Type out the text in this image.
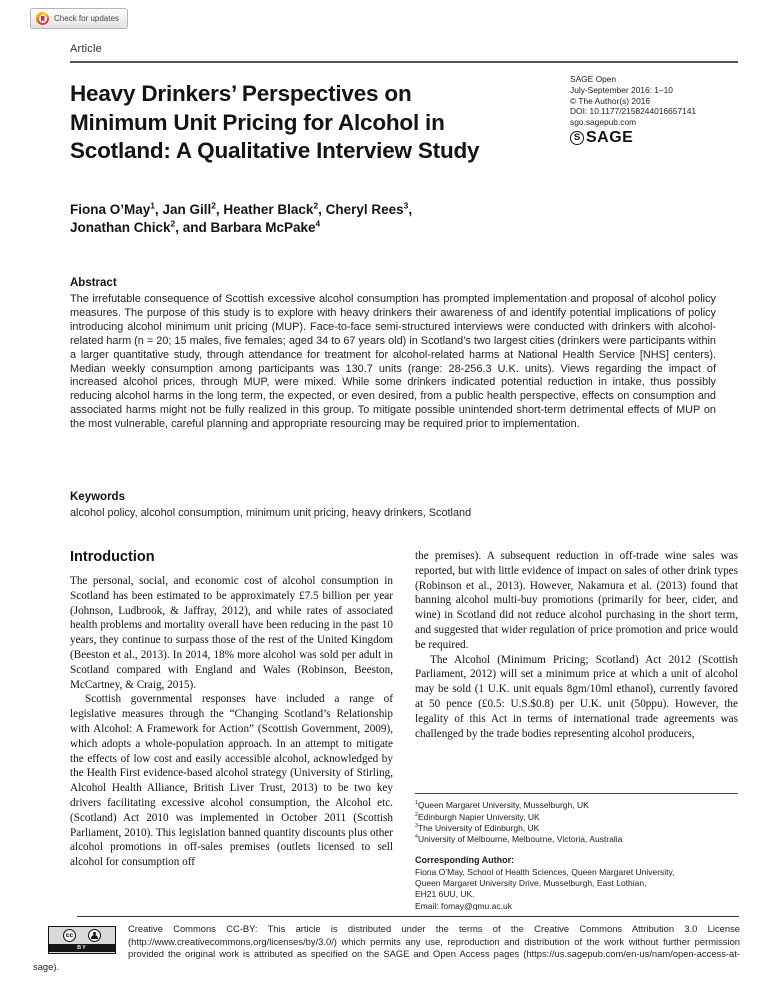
Check for updates
Article
Heavy Drinkers’ Perspectives on
Minimum Unit Pricing for Alcohol in
Scotland: A Qualitative Interview Study
SAGE Open
July-September 2016: 1–10
© The Author(s) 2016
DOI: 10.1177/2158244016657141
sgo.sagepub.com
S SAGE
Fiona O’May$^1$, Jan Gill$^2$, Heather Black$^2$, Cheryl Rees$^3$,
Jonathan Chick$^2$, and Barbara McPake$^4$
Abstract

The irrefutable consequence of Scottish excessive alcohol consumption has prompted implementation and proposal of alcohol policy measures. The purpose of this study is to explore with heavy drinkers their awareness of and identify potential implications of policy introducing alcohol minimum unit pricing (MUP). Face-to-face semi-structured interviews were conducted with drinkers with alcohol-related harm (n = 20; 15 males, five females; aged 34 to 67 years old) in Scotland’s two largest cities (drinkers were participants within a larger quantitative study, through attendance for treatment for alcohol-related harms at National Health Service [NHS] centers). Median weekly consumption among participants was 130.7 units (range: 28-256.3 U.K. units). Views regarding the impact of increased alcohol prices, through MUP, were mixed. While some drinkers indicated potential reduction in intake, thus possibly reducing alcohol harms in the long term, the expected, or even desired, from a public health perspective, effects on consumption and associated harms might not be fully realized in this group. To mitigate possible unintended short-term detrimental effects of MUP on the most vulnerable, careful planning and appropriate resourcing may be required prior to implementation.

Keywords

alcohol policy, alcohol consumption, minimum unit pricing, heavy drinkers, Scotland

Introduction

The personal, social, and economic cost of alcohol consumption in Scotland has been estimated to be approximately £7.5 billion per year (Johnson, Ludbrook, & Jaffray, 2012), and while rates of associated health problems and mortality overall have been reducing in the past 10 years, they continue to surpass those of the rest of the United Kingdom (Beeston et al., 2013). In 2014, 18% more alcohol was sold per adult in Scotland compared with England and Wales (Robinson, Beeston, McCartney, & Craig, 2015).

Scottish governmental responses have included a range of legislative measures through the “Changing Scotland’s Relationship with Alcohol: A Framework for Action” (Scottish Government, 2009), which adopts a whole-population approach. In an attempt to mitigate the effects of low cost and easily accessible alcohol, acknowledged by the Health First evidence-based alcohol strategy (University of Stirling, Alcohol Health Alliance, British Liver Trust, 2013) to be two key drivers facilitating excessive alcohol consumption, the Alcohol etc. (Scotland) Act 2010 was implemented in October 2011 (Scottish Parliament, 2010). This legislation banned quantity discounts plus other alcohol promotions in off-sales premises (outlets licensed to sell alcohol for consumption off

the premises). A subsequent reduction in off-trade wine sales was reported, but with little evidence of impact on sales of other drink types (Robinson et al., 2013). However, Nakamura et al. (2013) found that banning alcohol multi-buy promotions (primarily for beer, cider, and wine) in Scotland did not reduce alcohol purchasing in the short term, and suggested that wider regulation of price promotion and price would be required.

The Alcohol (Minimum Pricing; Scotland) Act 2012 (Scottish Parliament, 2012) will set a minimum price at which a unit of alcohol may be sold (1 U.K. unit equals 8gm/10ml ethanol), currently favored at 50 pence (£0.5: U.S.$0.8) per U.K. unit (50ppu). However, the legality of this Act in terms of international trade agreements was challenged by the trade bodies representing alcohol producers,

$^1$Queen Margaret University, Musselburgh, UK
$^2$Edinburgh Napier University, UK
$^3$The University of Edinburgh, UK
$^4$University of Melbourne, Melbourne, Victoria, Australia
Corresponding Author:
Fiona O’May, School of Health Sciences, Queen Margaret University,
Queen Margaret University Drive, Musselburgh, East Lothian,
EH21 6UU, UK.
Email: fomay@qmu.ac.uk
cc
BY

Creative Commons CC-BY: This article is distributed under the terms of the Creative Commons Attribution 3.0 License (http://www.creativecommons.org/licenses/by/3.0/) which permits any use, reproduction and distribution of the work without further permission provided the original work is attributed as specified on the SAGE and Open Access pages (https://us.sagepub.com/en-us/nam/open-access-at-sage).
